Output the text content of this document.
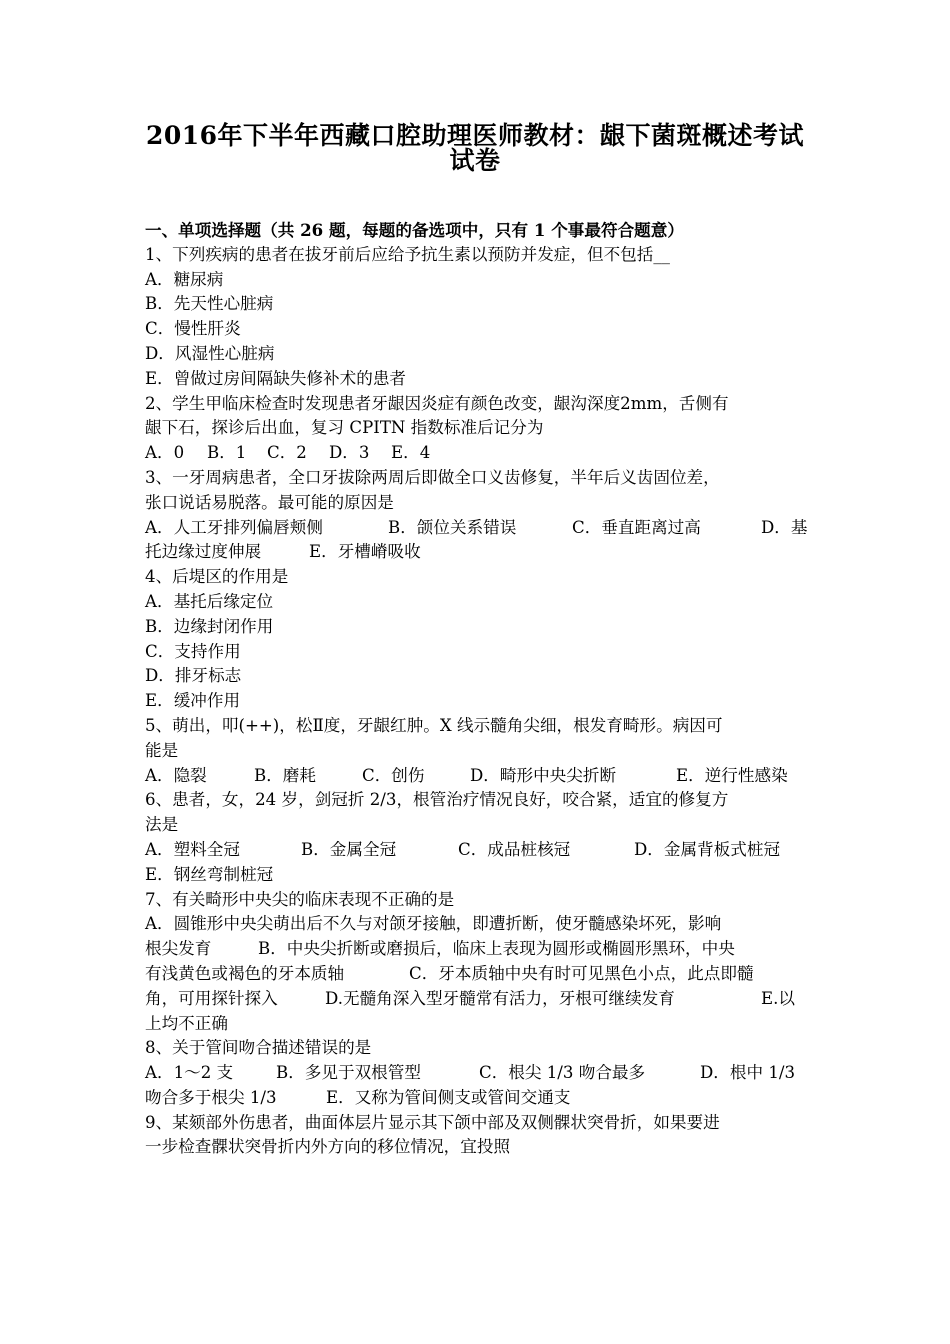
2016年下半年西藏口腔助理医师教材：龈下菌斑概述考试
试卷
一、单项选择题（共 26 题，每题的备选项中，只有 1 个事最符合题意）
1、下列疾病的患者在拔牙前后应给予抗生素以预防并发症，但不包括__
A．糖尿病
B．先天性心脏病
C．慢性肝炎
D．风湿性心脏病
E．曾做过房间隔缺失修补术的患者
2、学生甲临床检查时发现患者牙龈因炎症有颜色改变，龈沟深度2mm，舌侧有
龈下石，探诊后出血，复习 CPITN 指数标准后记分为
A．0 B．1 C．2 D．3 E．4
3、一牙周病患者，全口牙拔除两周后即做全口义齿修复，半年后义齿固位差，
张口说话易脱落。最可能的原因是
A．人工牙排列偏唇颊侧	B．颌位关系错误	C．垂直距离过高	D．基
托边缘过度伸展	E．牙槽嵴吸收
4、后堤区的作用是
A．基托后缘定位
B．边缘封闭作用
C．支持作用
D．排牙标志
E．缓冲作用
5、萌出，叩(++)，松Ⅱ度，牙龈红肿。X 线示髓角尖细，根发育畸形。病因可
能是
A．隐裂	B．磨耗	C．创伤	D．畸形中央尖折断	E．逆行性感染
6、患者，女，24 岁，剑冠折 2/3，根管治疗情况良好，咬合紧，适宜的修复方
法是
A．塑料全冠	B．金属全冠	C．成品桩核冠	D．金属背板式桩冠
E．钢丝弯制桩冠
7、有关畸形中央尖的临床表现不正确的是
A．圆锥形中央尖萌出后不久与对颌牙接触，即遭折断，使牙髓感染坏死，影响
根尖发育	B．中央尖折断或磨损后，临床上表现为圆形或椭圆形黑环，中央
有浅黄色或褐色的牙本质轴	C．牙本质轴中央有时可见黑色小点，此点即髓
角，可用探针探入	D.无髓角深入型牙髓常有活力，牙根可继续发育	E.以
上均不正确
8、关于管间吻合描述错误的是
A．1～2 支	B．多见于双根管型	C．根尖 1/3 吻合最多	D．根中 1/3
吻合多于根尖 1/3	E．又称为管间侧支或管间交通支
9、某颏部外伤患者，曲面体层片显示其下颌中部及双侧髁状突骨折，如果要进
一步检查髁状突骨折内外方向的移位情况，宜投照
